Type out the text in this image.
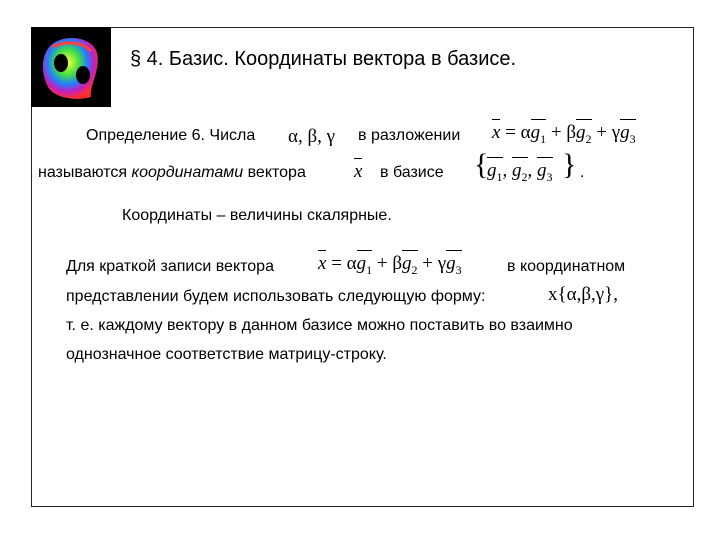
§ 4. Базис. Координаты вектора в базисе.
Определение 6. Числа α, β, γ в разложении $x = \alpha g_1 + \beta g_2 + \gamma g_3$
называются координатами вектора	x в базисе {
$g_1$, $g_2$, $g_3$ } .
Координаты – величины скалярные.
Для краткой записи вектора $x = \alpha g_1 + \beta g_2 + \gamma g_3$	в координатном
представлении будем использовать следующую форму:	x{α,β,γ},
т. е. каждому вектору в данном базисе можно поставить во взаимно
однозначное соответствие матрицу-строку.
